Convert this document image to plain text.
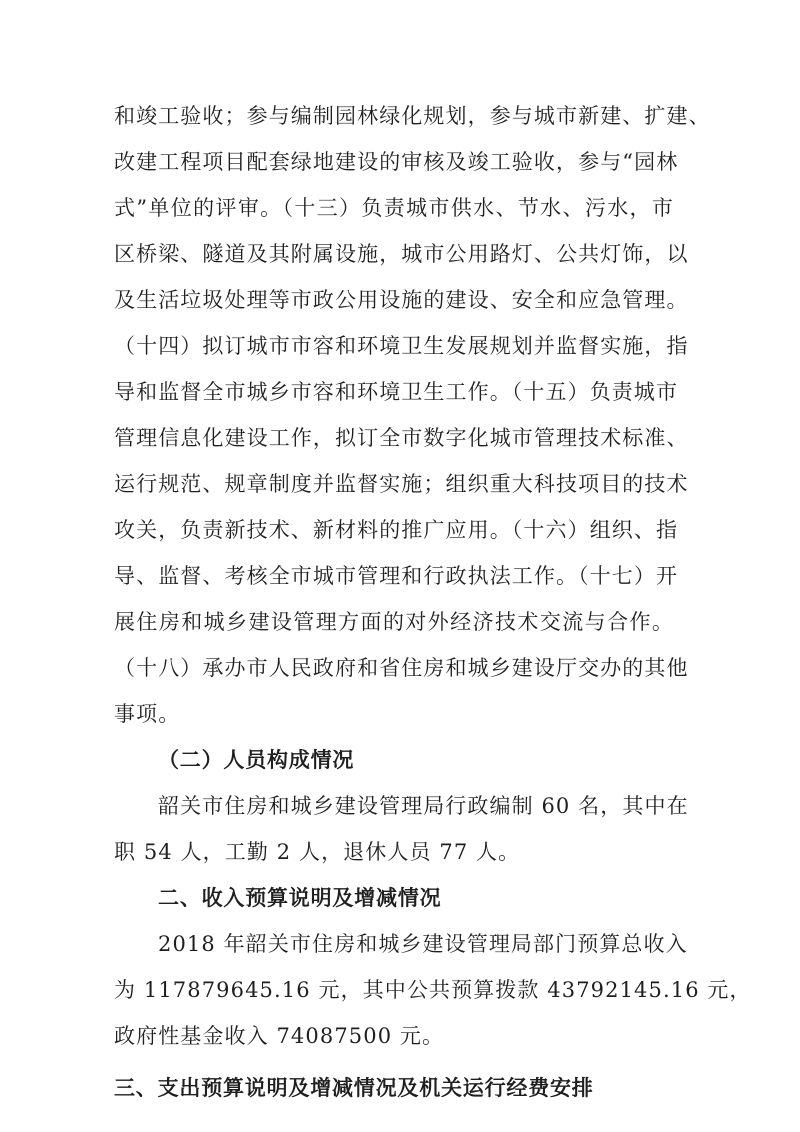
和竣工验收；参与编制园林绿化规划，参与城市新建、扩建、
改建工程项目配套绿地建设的审核及竣工验收，参与“园林
式”单位的评审。（十三）负责城市供水、节水、污水，市
区桥梁、隧道及其附属设施，城市公用路灯、公共灯饰，以
及生活垃圾处理等市政公用设施的建设、安全和应急管理。
（十四）拟订城市市容和环境卫生发展规划并监督实施，指
导和监督全市城乡市容和环境卫生工作。（十五）负责城市
管理信息化建设工作，拟订全市数字化城市管理技术标准、
运行规范、规章制度并监督实施；组织重大科技项目的技术
攻关，负责新技术、新材料的推广应用。（十六）组织、指
导、监督、考核全市城市管理和行政执法工作。（十七）开
展住房和城乡建设管理方面的对外经济技术交流与合作。
（十八）承办市人民政府和省住房和城乡建设厅交办的其他
事项。
（二）人员构成情况
韶关市住房和城乡建设管理局行政编制 60 名，其中在
职 54 人，工勤 2 人，退休人员 77 人。
二、收入预算说明及增减情况
2018 年韶关市住房和城乡建设管理局部门预算总收入
为 117879645.16 元，其中公共预算拨款 43792145.16 元，
政府性基金收入 74087500 元。
三、支出预算说明及增减情况及机关运行经费安排
